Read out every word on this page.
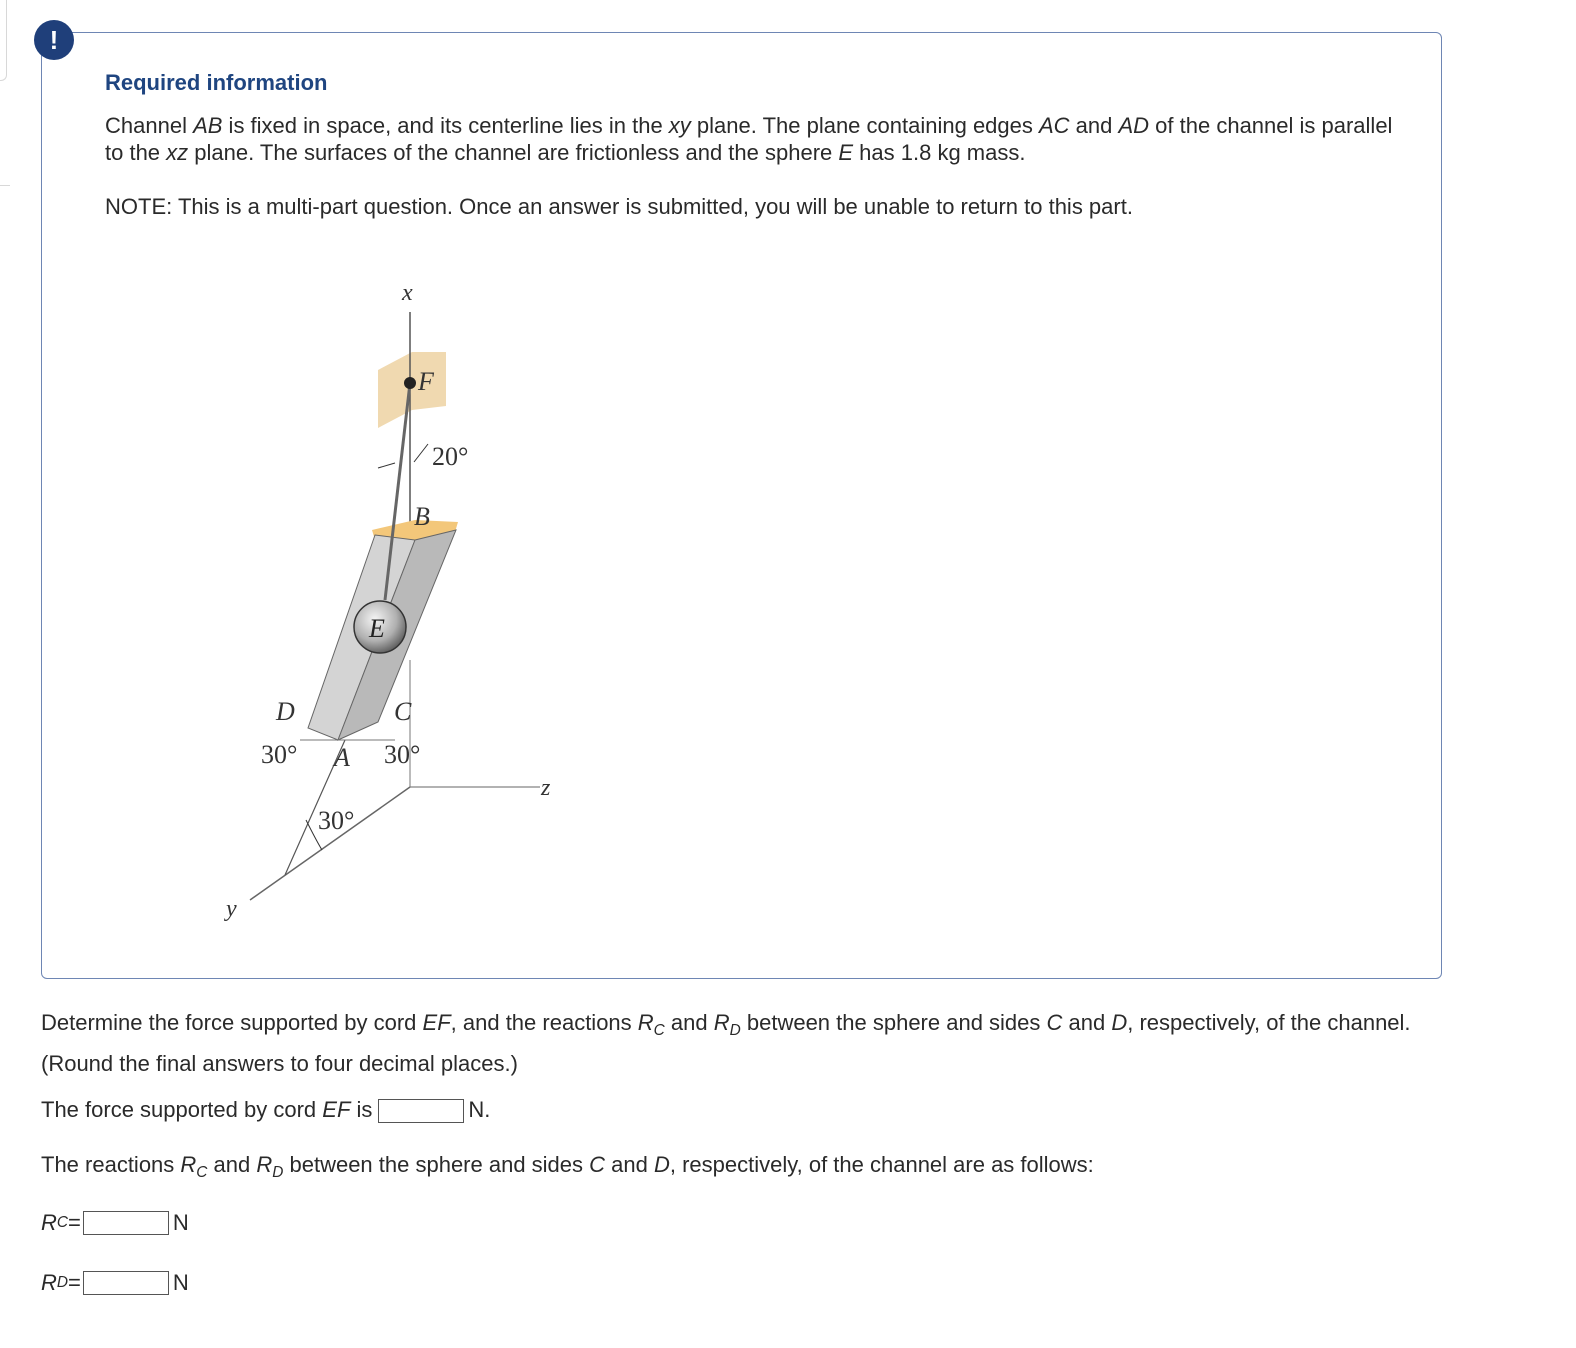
!
Required information
Channel AB is fixed in space, and its centerline lies in the xy plane. The plane containing edges AC and AD of the channel is parallel to the xz plane. The surfaces of the channel are frictionless and the sphere E has 1.8 kg mass.
NOTE: This is a multi-part question. Once an answer is submitted, you will be unable to return to this part.
x
y
z
F
20°
B
E
D	C
A
30°	30°
30°
Determine the force supported by cord EF, and the reactions $R_C$ and $R_D$ between the sphere and sides C and D, respectively, of the channel. (Round the final answers to four decimal places.)
The force supported by cord EF is	N.
The reactions $R_C$ and $R_D$ between the sphere and sides C and D, respectively, of the channel are as follows:
R C =	N
R D =	N
